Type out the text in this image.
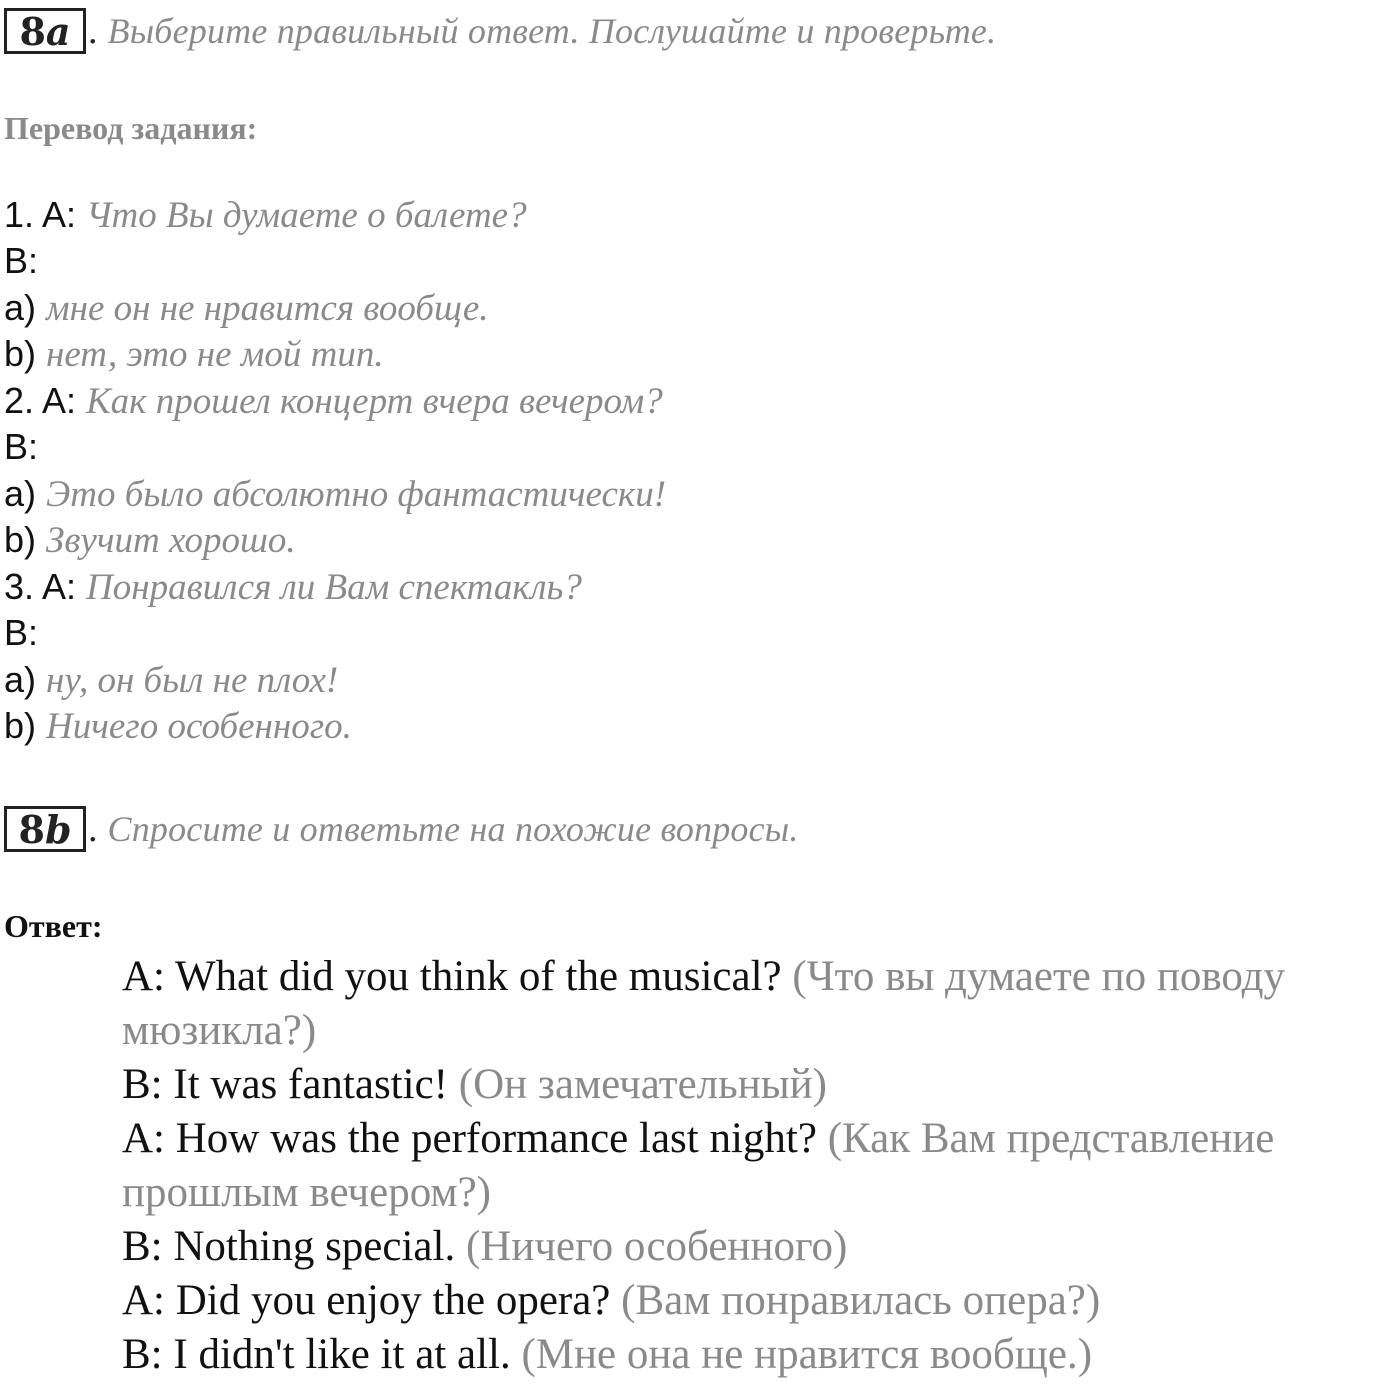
8 a . Выберите правильный ответ. Послушайте и проверьте.
Перевод задания:
1. A: Что Вы думаете о балете?
B:
a) мне он не нравится вообще.
b) нет, это не мой тип.
2. A: Как прошел концерт вчера вечером?
B:
a) Это было абсолютно фантастически!
b) Звучит хорошо.
3. A: Понравился ли Вам спектакль?
B:
a) ну, он был не плох!
b) Ничего особенного.
8 b . Спросите и ответьте на похожие вопросы.
Ответ:
A: What did you think of the musical? (Что вы думаете по поводу
мюзикла?)
B: It was fantastic! (Он замечательный)
A: How was the performance last night? (Как Вам представление
прошлым вечером?)
B: Nothing special. (Ничего особенного)
A: Did you enjoy the opera? (Вам понравилась опера?)
B: I didn't like it at all. (Мне она не нравится вообще.)
